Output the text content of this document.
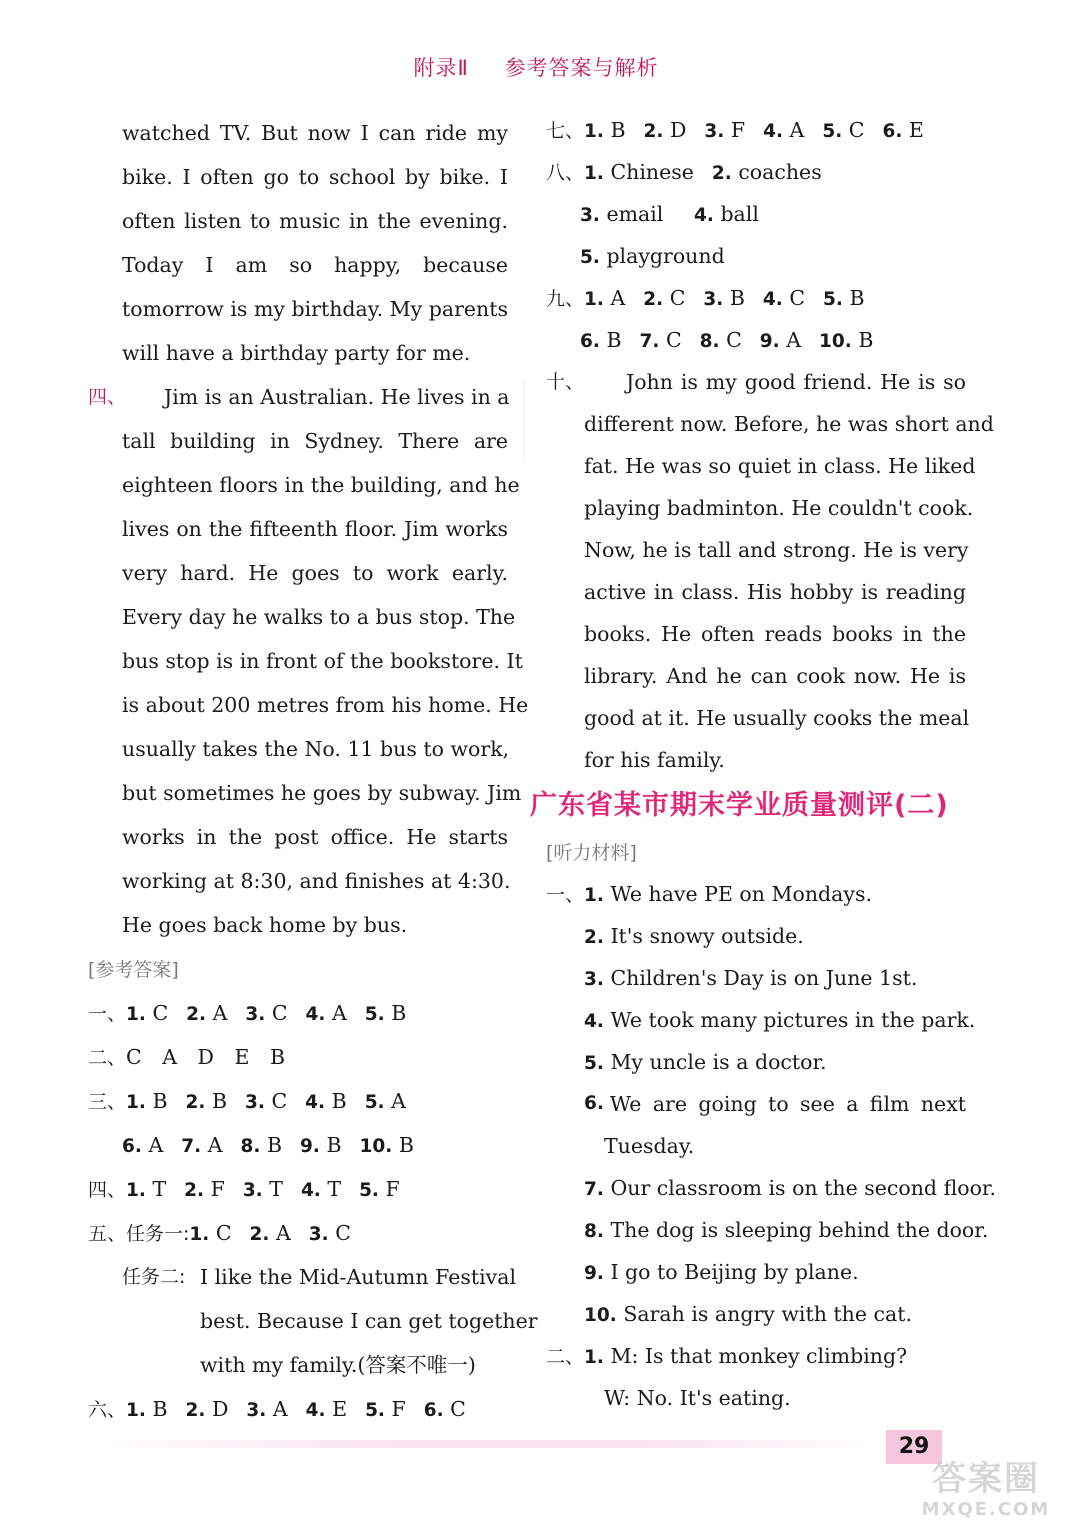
附录Ⅱ 参考答案与解析
watched TV. But now I can ride my
bike. I often go to school by bike. I
often listen to music in the evening.
Today I am so happy, because
tomorrow is my birthday. My parents
will have a birthday party for me.
四、 Jim is an Australian. He lives in a
tall building in Sydney. There are
eighteen floors in the building, and he
lives on the fifteenth floor. Jim works
very hard. He goes to work early.
Every day he walks to a bus stop. The
bus stop is in front of the bookstore. It
is about 200 metres from his home. He
usually takes the No. 11 bus to work,
but sometimes he goes by subway. Jim
works in the post office. He starts
working at 8:30, and finishes at 4:30.
He goes back home by bus.
[参考答案]
一、1. C 2. A 3. C 4. A 5. B
二、C A D E B
三、1. B 2. B 3. C 4. B 5. A
6. A 7. A 8. B 9. B 10. B
四、1. T 2. F 3. T 4. T 5. F
五、任务一:1. C 2. A 3. C
任务二: I like the Mid-Autumn Festival
best. Because I can get together
with my family.(答案不唯一)
六、1. B 2. D 3. A 4. E 5. F 6. C
七、1. B 2. D 3. F 4. A 5. C 6. E
八、1. Chinese 2. coaches
3. email 4. ball
5. playground
九、1. A 2. C 3. B 4. C 5. B
6. B 7. C 8. C 9. A 10. B
十、 John is my good friend. He is so
different now. Before, he was short and
fat. He was so quiet in class. He liked
playing badminton. He couldn't cook.
Now, he is tall and strong. He is very
active in class. His hobby is reading
books. He often reads books in the
library. And he can cook now. He is
good at it. He usually cooks the meal
for his family.
广东省某市期末学业质量测评(二)
[听力材料]
一、1. We have PE on Mondays.
2. It's snowy outside.
3. Children's Day is on June 1st.
4. We took many pictures in the park.
5. My uncle is a doctor.
6. We are going to see a film next
Tuesday.
7. Our classroom is on the second floor.
8. The dog is sleeping behind the door.
9. I go to Beijing by plane.
10. Sarah is angry with the cat.
二、1. M: Is that monkey climbing?
W: No. It's eating.
29
答案圈
MXQE.COM
